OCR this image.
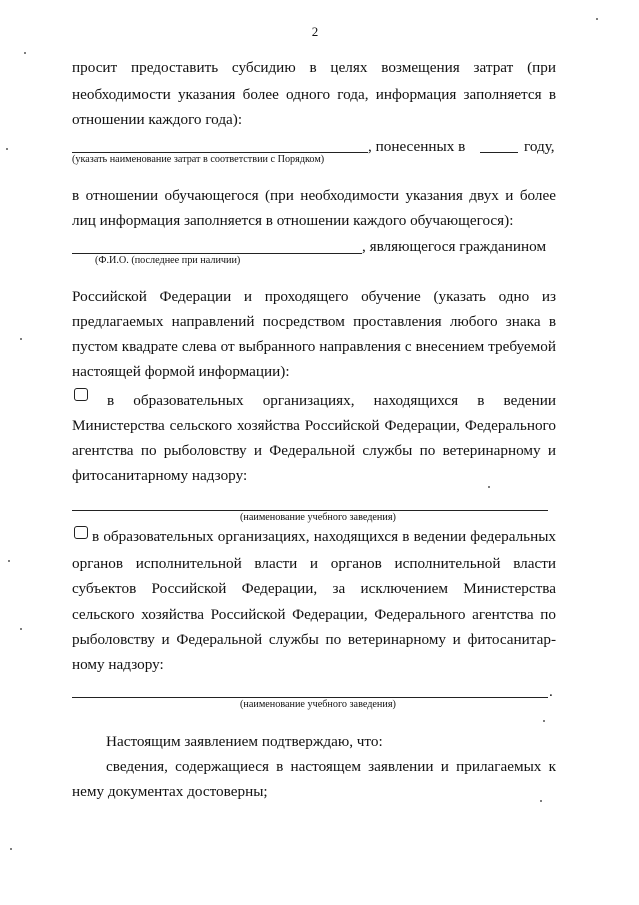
2
просит предоставить субсидию в целях возмещения затрат (при
необходимости указания более одного года, информация заполняется в
отношении каждого года):
, понесенных в	году,
(указать наименование затрат в соответствии с Порядком)
в отношении обучающегося (при необходимости указания двух и более
лиц информация заполняется в отношении каждого обучающегося):
, являющегося гражданином
(Ф.И.О. (последнее при наличии)
Российской Федерации и проходящего обучение (указать одно из
предлагаемых направлений посредством проставления любого знака в
пустом квадрате слева от выбранного направления с внесением требуемой
настоящей формой информации):
в образовательных организациях, находящихся в ведении
Министерства сельского хозяйства Российской Федерации, Федерального
агентства по рыболовству и Федеральной службы по ветеринарному и
фитосанитарному надзору:
(наименование учебного заведения)
в образовательных организациях, находящихся в ведении федеральных
органов исполнительной власти и органов исполнительной власти
субъектов Российской Федерации, за исключением Министерства
сельского хозяйства Российской Федерации, Федерального агентства по
рыболовству и Федеральной службы по ветеринарному и фитосанитар-
ному надзору:
.
(наименование учебного заведения)
Настоящим заявлением подтверждаю, что:
сведения, содержащиеся в настоящем заявлении и прилагаемых к
нему документах достоверны;
